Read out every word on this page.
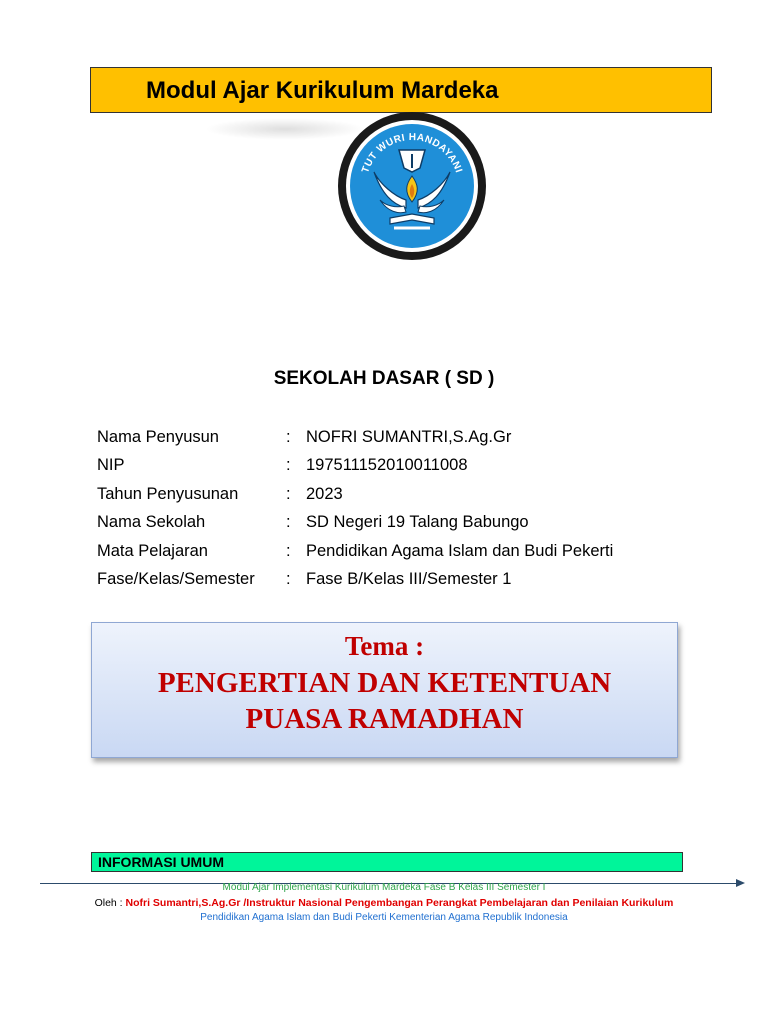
Modul Ajar Kurikulum Mardeka
TUT WURI HANDAYANI
SEKOLAH DASAR ( SD )
Nama Penyusun	: NOFRI SUMANTRI,S.Ag.Gr
NIP	: 197511152010011008
Tahun Penyusunan	: 2023
Nama Sekolah	: SD Negeri 19 Talang Babungo
Mata Pelajaran	: Pendidikan Agama Islam dan Budi Pekerti
Fase/Kelas/Semester : Fase B/Kelas III/Semester 1
Tema :
PENGERTIAN DAN KETENTUAN
PUASA RAMADHAN
INFORMASI UMUM
Modul Ajar Implementasi Kurikulum Mardeka Fase B Kelas III Semester I
Oleh : Nofri Sumantri,S.Ag.Gr /Instruktur Nasional Pengembangan Perangkat Pembelajaran dan Penilaian Kurikulum
Pendidikan Agama Islam dan Budi Pekerti Kementerian Agama Republik Indonesia
